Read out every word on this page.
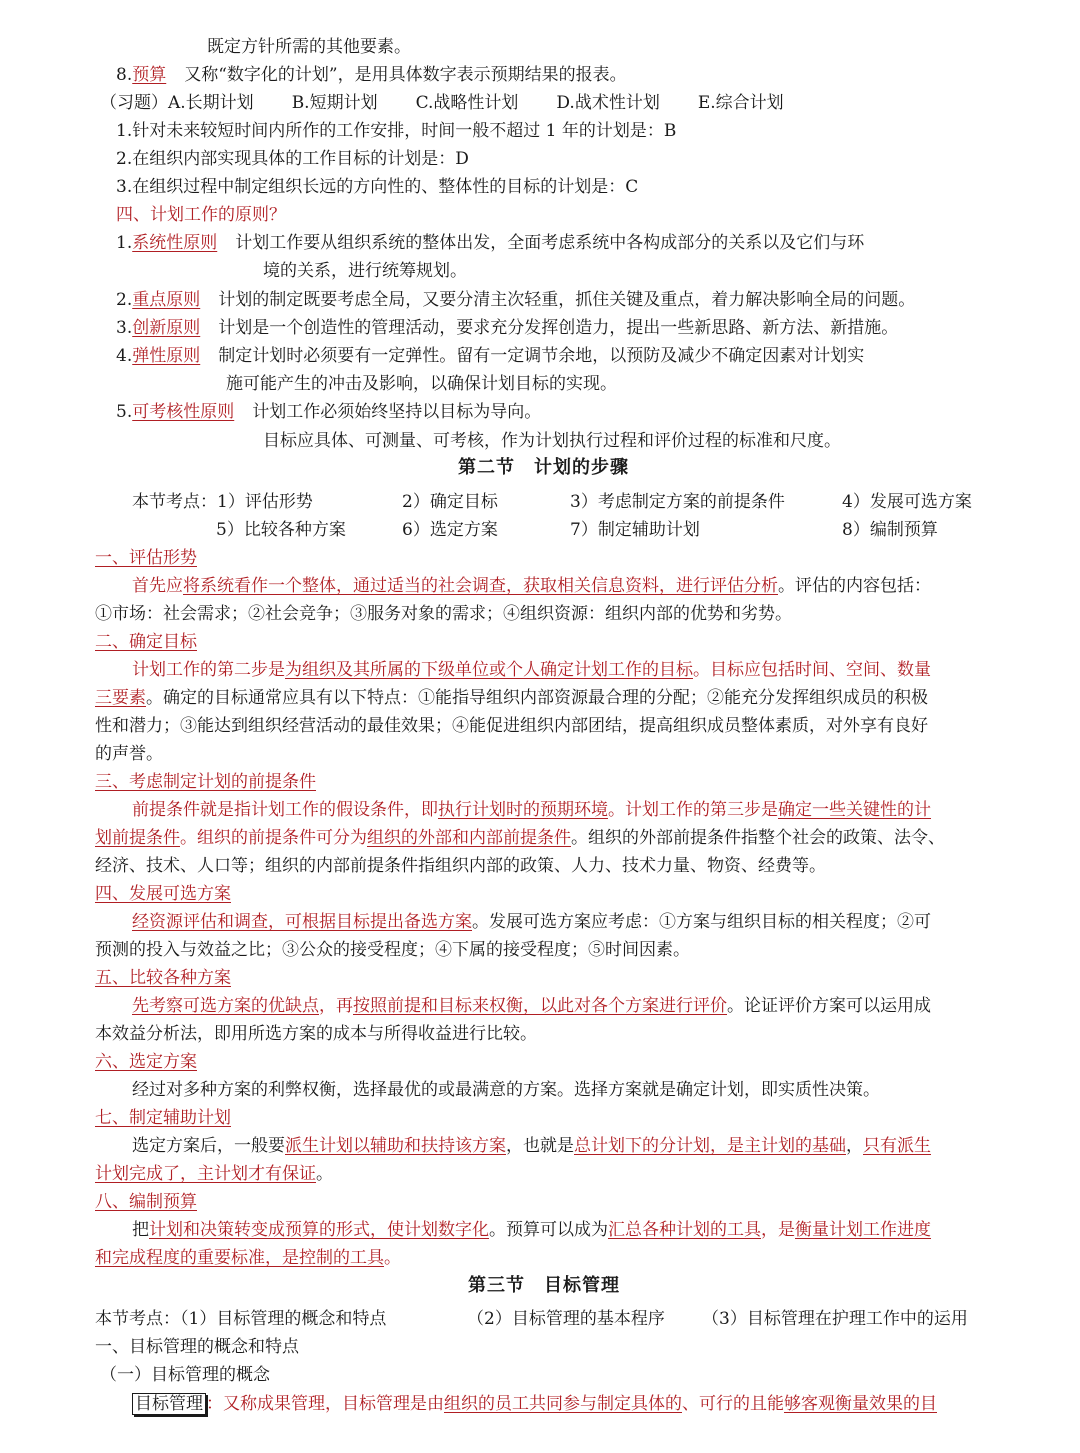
既定方针所需的其他要素。
8.预算 又称“数字化的计划”，是用具体数字表示预期结果的报表。
（习题）A.长期计划 B.短期计划 C.战略性计划 D.战术性计划 E.综合计划
1.针对未来较短时间内所作的工作安排，时间一般不超过 1 年的计划是：B
2.在组织内部实现具体的工作目标的计划是：D
3.在组织过程中制定组织长远的方向性的、整体性的目标的计划是：C
四、计划工作的原则？
1.系统性原则 计划工作要从组织系统的整体出发，全面考虑系统中各构成部分的关系以及它们与环
境的关系，进行统筹规划。
2.重点原则 计划的制定既要考虑全局，又要分清主次轻重，抓住关键及重点，着力解决影响全局的问题。
3.创新原则 计划是一个创造性的管理活动，要求充分发挥创造力，提出一些新思路、新方法、新措施。
4.弹性原则 制定计划时必须要有一定弹性。留有一定调节余地，以预防及减少不确定因素对计划实
施可能产生的冲击及影响，以确保计划目标的实现。
5.可考核性原则 计划工作必须始终坚持以目标为导向。
目标应具体、可测量、可考核，作为计划执行过程和评价过程的标准和尺度。
第二节　计划的步骤
本节考点：1）评估形势	2）确定目标	3）考虑制定方案的前提条件	4）发展可选方案
5）比较各种方案	6）选定方案	7）制定辅助计划	8）编制预算
一、评估形势
首先应将系统看作一个整体，通过适当的社会调查，获取相关信息资料，进行评估分析。评估的内容包括：
①市场：社会需求；②社会竞争；③服务对象的需求；④组织资源：组织内部的优势和劣势。
二、确定目标
计划工作的第二步是为组织及其所属的下级单位或个人确定计划工作的目标。目标应包括时间、空间、数量
三要素。确定的目标通常应具有以下特点：①能指导组织内部资源最合理的分配；②能充分发挥组织成员的积极
性和潜力；③能达到组织经营活动的最佳效果；④能促进组织内部团结，提高组织成员整体素质，对外享有良好
的声誉。
三、考虑制定计划的前提条件
前提条件就是指计划工作的假设条件，即执行计划时的预期环境。计划工作的第三步是确定一些关键性的计
划前提条件。组织的前提条件可分为组织的外部和内部前提条件。组织的外部前提条件指整个社会的政策、法令、
经济、技术、人口等；组织的内部前提条件指组织内部的政策、人力、技术力量、物资、经费等。
四、发展可选方案
经资源评估和调查，可根据目标提出备选方案。发展可选方案应考虑：①方案与组织目标的相关程度；②可
预测的投入与效益之比；③公众的接受程度；④下属的接受程度；⑤时间因素。
五、比较各种方案
先考察可选方案的优缺点，再按照前提和目标来权衡，以此对各个方案进行评价。论证评价方案可以运用成
本效益分析法，即用所选方案的成本与所得收益进行比较。
六、选定方案
经过对多种方案的利弊权衡，选择最优的或最满意的方案。选择方案就是确定计划，即实质性决策。
七、制定辅助计划
选定方案后，一般要派生计划以辅助和扶持该方案，也就是总计划下的分计划，是主计划的基础，只有派生
计划完成了，主计划才有保证。
八、编制预算
把计划和决策转变成预算的形式，使计划数字化。预算可以成为汇总各种计划的工具，是衡量计划工作进度
和完成程度的重要标准，是控制的工具。
第三节　目标管理
本节考点：（1）目标管理的概念和特点	（2）目标管理的基本程序 （3）目标管理在护理工作中的运用
一、目标管理的概念和特点
（一）目标管理的概念
目标管理 ：又称成果管理，目标管理是由组织的员工共同参与制定具体的、可行的且能够客观衡量效果的目
